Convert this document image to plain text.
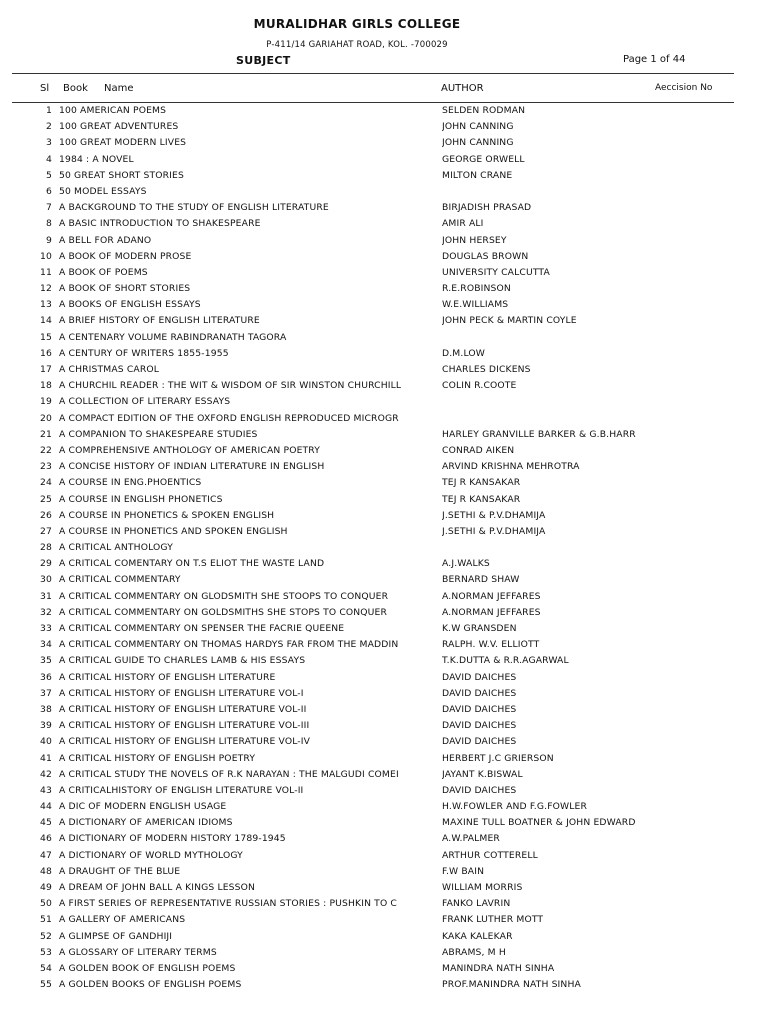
MURALIDHAR GIRLS COLLEGE
P-411/14 GARIAHAT ROAD, KOL. -700029
SUBJECT	Page 1 of 44
Sl Book Name	AUTHOR	Aeccision No
1 100 AMERICAN POEMS	SELDEN RODMAN
2 100 GREAT ADVENTURES	JOHN CANNING
3 100 GREAT MODERN LIVES	JOHN CANNING
4 1984 : A NOVEL	GEORGE ORWELL
5 50 GREAT SHORT STORIES	MILTON CRANE
6 50 MODEL ESSAYS
7 A BACKGROUND TO THE STUDY OF ENGLISH LITERATURE	BIRJADISH PRASAD
8 A BASIC INTRODUCTION TO SHAKESPEARE	AMIR ALI
9 A BELL FOR ADANO	JOHN HERSEY
10 A BOOK OF MODERN PROSE	DOUGLAS BROWN
11 A BOOK OF POEMS	UNIVERSITY CALCUTTA
12 A BOOK OF SHORT STORIES	R.E.ROBINSON
13 A BOOKS OF ENGLISH ESSAYS	W.E.WILLIAMS
14 A BRIEF HISTORY OF ENGLISH LITERATURE	JOHN PECK & MARTIN COYLE
15 A CENTENARY VOLUME RABINDRANATH TAGORA
16 A CENTURY OF WRITERS 1855-1955	D.M.LOW
17 A CHRISTMAS CAROL	CHARLES DICKENS
18 A CHURCHIL READER : THE WIT & WISDOM OF SIR WINSTON CHURCHILL	COLIN R.COOTE
19 A COLLECTION OF LITERARY ESSAYS
20 A COMPACT EDITION OF THE OXFORD ENGLISH REPRODUCED MICROGR
21 A COMPANION TO SHAKESPEARE STUDIES	HARLEY GRANVILLE BARKER & G.B.HARR
22 A COMPREHENSIVE ANTHOLOGY OF AMERICAN POETRY	CONRAD AIKEN
23 A CONCISE HISTORY OF INDIAN LITERATURE IN ENGLISH	ARVIND KRISHNA MEHROTRA
24 A COURSE IN ENG.PHOENTICS	TEJ R KANSAKAR
25 A COURSE IN ENGLISH PHONETICS	TEJ R KANSAKAR
26 A COURSE IN PHONETICS & SPOKEN ENGLISH	J.SETHI & P.V.DHAMIJA
27 A COURSE IN PHONETICS AND SPOKEN ENGLISH	J.SETHI & P.V.DHAMIJA
28 A CRITICAL ANTHOLOGY
29 A CRITICAL COMENTARY ON T.S ELIOT THE WASTE LAND	A.J.WALKS
30 A CRITICAL COMMENTARY	BERNARD SHAW
31 A CRITICAL COMMENTARY ON GLODSMITH SHE STOOPS TO CONQUER	A.NORMAN JEFFARES
32 A CRITICAL COMMENTARY ON GOLDSMITHS SHE STOPS TO CONQUER	A.NORMAN JEFFARES
33 A CRITICAL COMMENTARY ON SPENSER THE FACRIE QUEENE	K.W GRANSDEN
34 A CRITICAL COMMENTARY ON THOMAS HARDYS FAR FROM THE MADDIN	RALPH. W.V. ELLIOTT
35 A CRITICAL GUIDE TO CHARLES LAMB & HIS ESSAYS	T.K.DUTTA & R.R.AGARWAL
36 A CRITICAL HISTORY OF ENGLISH LITERATURE	DAVID DAICHES
37 A CRITICAL HISTORY OF ENGLISH LITERATURE VOL-I	DAVID DAICHES
38 A CRITICAL HISTORY OF ENGLISH LITERATURE VOL-II	DAVID DAICHES
39 A CRITICAL HISTORY OF ENGLISH LITERATURE VOL-III	DAVID DAICHES
40 A CRITICAL HISTORY OF ENGLISH LITERATURE VOL-IV	DAVID DAICHES
41 A CRITICAL HISTORY OF ENGLISH POETRY	HERBERT J.C GRIERSON
42 A CRITICAL STUDY THE NOVELS OF R.K NARAYAN : THE MALGUDI COMEI	JAYANT K.BISWAL
43 A CRITICALHISTORY OF ENGLISH LITERATURE VOL-II	DAVID DAICHES
44 A DIC OF MODERN ENGLISH USAGE	H.W.FOWLER AND F.G.FOWLER
45 A DICTIONARY OF AMERICAN IDIOMS	MAXINE TULL BOATNER & JOHN EDWARD
46 A DICTIONARY OF MODERN HISTORY 1789-1945	A.W.PALMER
47 A DICTIONARY OF WORLD MYTHOLOGY	ARTHUR COTTERELL
48 A DRAUGHT OF THE BLUE	F.W BAIN
49 A DREAM OF JOHN BALL A KINGS LESSON	WILLIAM MORRIS
50 A FIRST SERIES OF REPRESENTATIVE RUSSIAN STORIES : PUSHKIN TO C	FANKO LAVRIN
51 A GALLERY OF AMERICANS	FRANK LUTHER MOTT
52 A GLIMPSE OF GANDHIJI	KAKA KALEKAR
53 A GLOSSARY OF LITERARY TERMS	ABRAMS, M H
54 A GOLDEN BOOK OF ENGLISH POEMS	MANINDRA NATH SINHA
55 A GOLDEN BOOKS OF ENGLISH POEMS	PROF.MANINDRA NATH SINHA
